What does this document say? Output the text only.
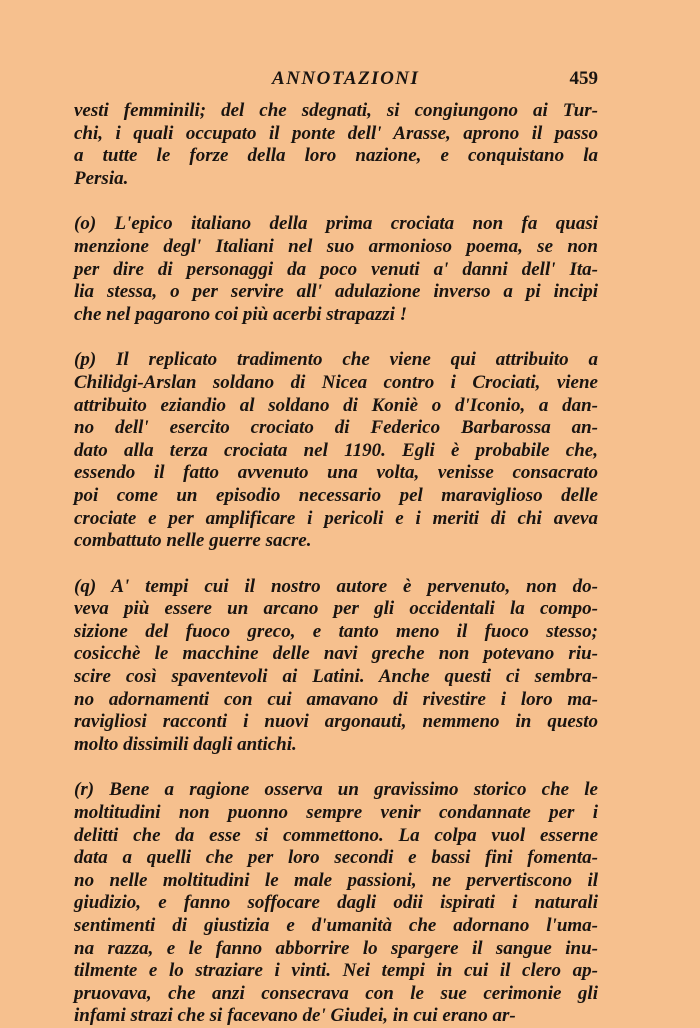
ANNOTAZIONI	459
vesti femminili; del che sdegnati, si congiungono ai Tur-
chi, i quali occupato il ponte dell' Arasse, aprono il passo
a tutte le forze della loro nazione, e conquistano la
Persia.
(o) L'epico italiano della prima crociata non fa quasi
menzione degl' Italiani nel suo armonioso poema, se non
per dire di personaggi da poco venuti a' danni dell' Ita-
lia stessa, o per servire all' adulazione inverso a pi incipi
che nel pagarono coi più acerbi strapazzi !
(p) Il replicato tradimento che viene qui attribuito a
Chilidgi-Arslan soldano di Nicea contro i Crociati, viene
attribuito eziandio al soldano di Koniè o d'Iconio, a dan-
no dell' esercito crociato di Federico Barbarossa an-
dato alla terza crociata nel 1190. Egli è probabile che,
essendo il fatto avvenuto una volta, venisse consacrato
poi come un episodio necessario pel maraviglioso delle
crociate e per amplificare i pericoli e i meriti di chi aveva
combattuto nelle guerre sacre.
(q) A' tempi cui il nostro autore è pervenuto, non do-
veva più essere un arcano per gli occidentali la compo-
sizione del fuoco greco, e tanto meno il fuoco stesso;
cosicchè le macchine delle navi greche non potevano riu-
scire così spaventevoli ai Latini. Anche questi ci sembra-
no adornamenti con cui amavano di rivestire i loro ma-
ravigliosi racconti i nuovi argonauti, nemmeno in questo
molto dissimili dagli antichi.
(r) Bene a ragione osserva un gravissimo storico che le
moltitudini non puonno sempre venir condannate per i
delitti che da esse si commettono. La colpa vuol esserne
data a quelli che per loro secondi e bassi fini fomenta-
no nelle moltitudini le male passioni, ne pervertiscono il
giudizio, e fanno soffocare dagli odii ispirati i naturali
sentimenti di giustizia e d'umanità che adornano l'uma-
na razza, e le fanno abborrire lo spargere il sangue inu-
tilmente e lo straziare i vinti. Nei tempi in cui il clero ap-
pruovava, che anzi consecrava con le sue cerimonie gli
infami strazi che si facevano de' Giudei, in cui erano ar-
